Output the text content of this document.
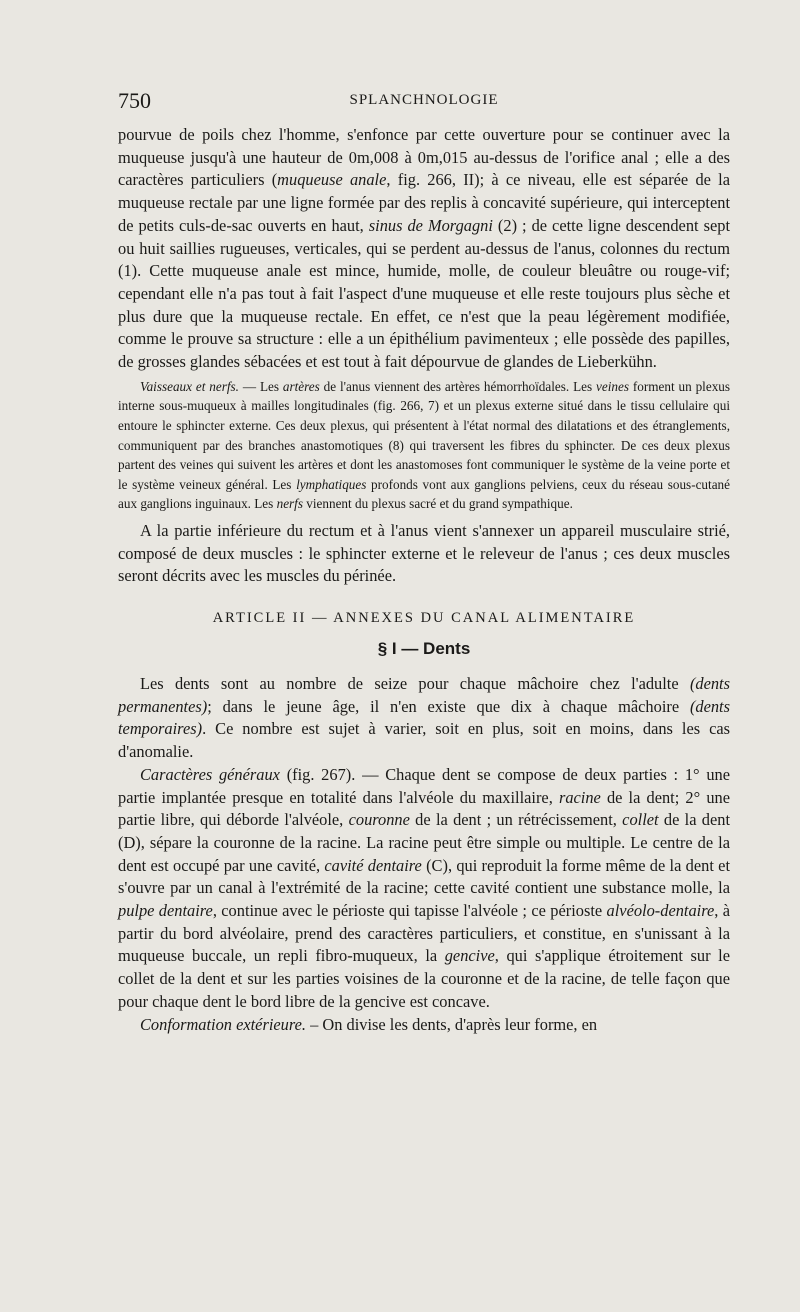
750	SPLANCHNOLOGIE

pourvue de poils chez l'homme, s'enfonce par cette ouverture pour se continuer avec la muqueuse jusqu'à une hauteur de 0m,008 à 0m,015 au-dessus de l'orifice anal ; elle a des caractères particuliers (muqueuse anale, fig. 266, II); à ce niveau, elle est séparée de la muqueuse rectale par une ligne formée par des replis à concavité supérieure, qui interceptent de petits culs-de-sac ouverts en haut, sinus de Morgagni (2) ; de cette ligne descendent sept ou huit saillies rugueuses, verticales, qui se perdent au-dessus de l'anus, colonnes du rectum (1). Cette muqueuse anale est mince, humide, molle, de couleur bleuâtre ou rouge-vif; cependant elle n'a pas tout à fait l'aspect d'une muqueuse et elle reste toujours plus sèche et plus dure que la muqueuse rectale. En effet, ce n'est que la peau légèrement modifiée, comme le prouve sa structure : elle a un épithélium pavimenteux ; elle possède des papilles, de grosses glandes sébacées et est tout à fait dépourvue de glandes de Lieberkühn.

Vaisseaux et nerfs. — Les artères de l'anus viennent des artères hémorrhoïdales. Les veines forment un plexus interne sous-muqueux à mailles longitudinales (fig. 266, 7) et un plexus externe situé dans le tissu cellulaire qui entoure le sphincter externe. Ces deux plexus, qui présentent à l'état normal des dilatations et des étranglements, communiquent par des branches anastomotiques (8) qui traversent les fibres du sphincter. De ces deux plexus partent des veines qui suivent les artères et dont les anastomoses font communiquer le système de la veine porte et le système veineux général. Les lymphatiques profonds vont aux ganglions pelviens, ceux du réseau sous-cutané aux ganglions inguinaux. Les nerfs viennent du plexus sacré et du grand sympathique.

A la partie inférieure du rectum et à l'anus vient s'annexer un appareil musculaire strié, composé de deux muscles : le sphincter externe et le releveur de l'anus ; ces deux muscles seront décrits avec les muscles du périnée.

ARTICLE II — ANNEXES DU CANAL ALIMENTAIRE
§ I — Dents

Les dents sont au nombre de seize pour chaque mâchoire chez l'adulte (dents permanentes); dans le jeune âge, il n'en existe que dix à chaque mâchoire (dents temporaires). Ce nombre est sujet à varier, soit en plus, soit en moins, dans les cas d'anomalie.

Caractères généraux (fig. 267). — Chaque dent se compose de deux parties : 1° une partie implantée presque en totalité dans l'alvéole du maxillaire, racine de la dent; 2° une partie libre, qui déborde l'alvéole, couronne de la dent ; un rétrécissement, collet de la dent (D), sépare la couronne de la racine. La racine peut être simple ou multiple. Le centre de la dent est occupé par une cavité, cavité dentaire (C), qui reproduit la forme même de la dent et s'ouvre par un canal à l'extrémité de la racine; cette cavité contient une substance molle, la pulpe dentaire, continue avec le périoste qui tapisse l'alvéole ; ce périoste alvéolo-dentaire, à partir du bord alvéolaire, prend des caractères particuliers, et constitue, en s'unissant à la muqueuse buccale, un repli fibro-muqueux, la gencive, qui s'applique étroitement sur le collet de la dent et sur les parties voisines de la couronne et de la racine, de telle façon que pour chaque dent le bord libre de la gencive est concave.

Conformation extérieure. – On divise les dents, d'après leur forme, en
